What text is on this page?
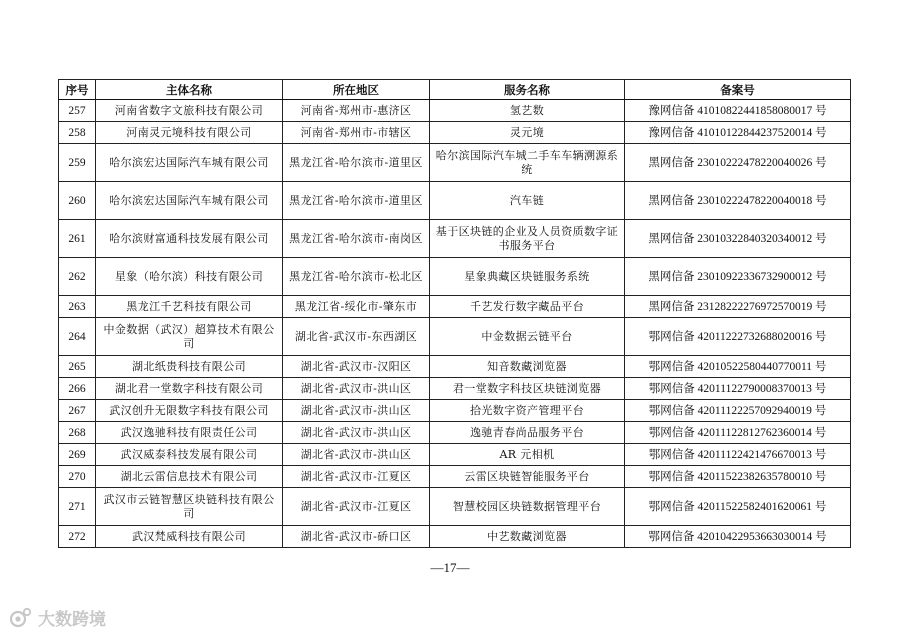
序号	主体名称	所在地区	服务名称	备案号
257	河南省数字文旅科技有限公司	河南省-郑州市-惠济区	氢艺数	豫网信备 41010822441858080017 号
258	河南灵元境科技有限公司	河南省-郑州市-市辖区	灵元境	豫网信备 41010122844237520014 号
259	哈尔滨宏达国际汽车城有限公司	黑龙江省-哈尔滨市-道里区	哈尔滨国际汽车城二手车车辆溯源系统	黑网信备 23010222478220040026 号
260	哈尔滨宏达国际汽车城有限公司	黑龙江省-哈尔滨市-道里区	汽车链	黑网信备 23010222478220040018 号
261	哈尔滨财富通科技发展有限公司	黑龙江省-哈尔滨市-南岗区	基于区块链的企业及人员资质数字证书服务平台	黑网信备 23010322840320340012 号
262	星象（哈尔滨）科技有限公司	黑龙江省-哈尔滨市-松北区	星象典藏区块链服务系统	黑网信备 23010922336732900012 号
263	黑龙江千艺科技有限公司	黑龙江省-绥化市-肇东市	千艺发行数字藏品平台	黑网信备 23128222276972570019 号
264	中金数据（武汉）超算技术有限公司	湖北省-武汉市-东西湖区	中金数据云链平台	鄂网信备 42011222732688020016 号
265	湖北纸贵科技有限公司	湖北省-武汉市-汉阳区	知音数藏浏览器	鄂网信备 42010522580440770011 号
266	湖北君一堂数字科技有限公司	湖北省-武汉市-洪山区	君一堂数字科技区块链浏览器	鄂网信备 42011122790008370013 号
267	武汉创升无限数字科技有限公司	湖北省-武汉市-洪山区	拾光数字资产管理平台	鄂网信备 42011122257092940019 号
268	武汉逸驰科技有限责任公司	湖北省-武汉市-洪山区	逸驰青春尚品服务平台	鄂网信备 42011122812762360014 号
269	武汉威泰科技发展有限公司	湖北省-武汉市-洪山区	AR 元相机	鄂网信备 42011122421476670013 号
270	湖北云雷信息技术有限公司	湖北省-武汉市-江夏区	云雷区块链智能服务平台	鄂网信备 42011522382635780010 号
271	武汉市云链智慧区块链科技有限公司	湖北省-武汉市-江夏区	智慧校园区块链数据管理平台	鄂网信备 42011522582401620061 号
272	武汉梵威科技有限公司	湖北省-武汉市-硚口区	中艺数藏浏览器	鄂网信备 42010422953663030014 号
—17—
大数跨境
